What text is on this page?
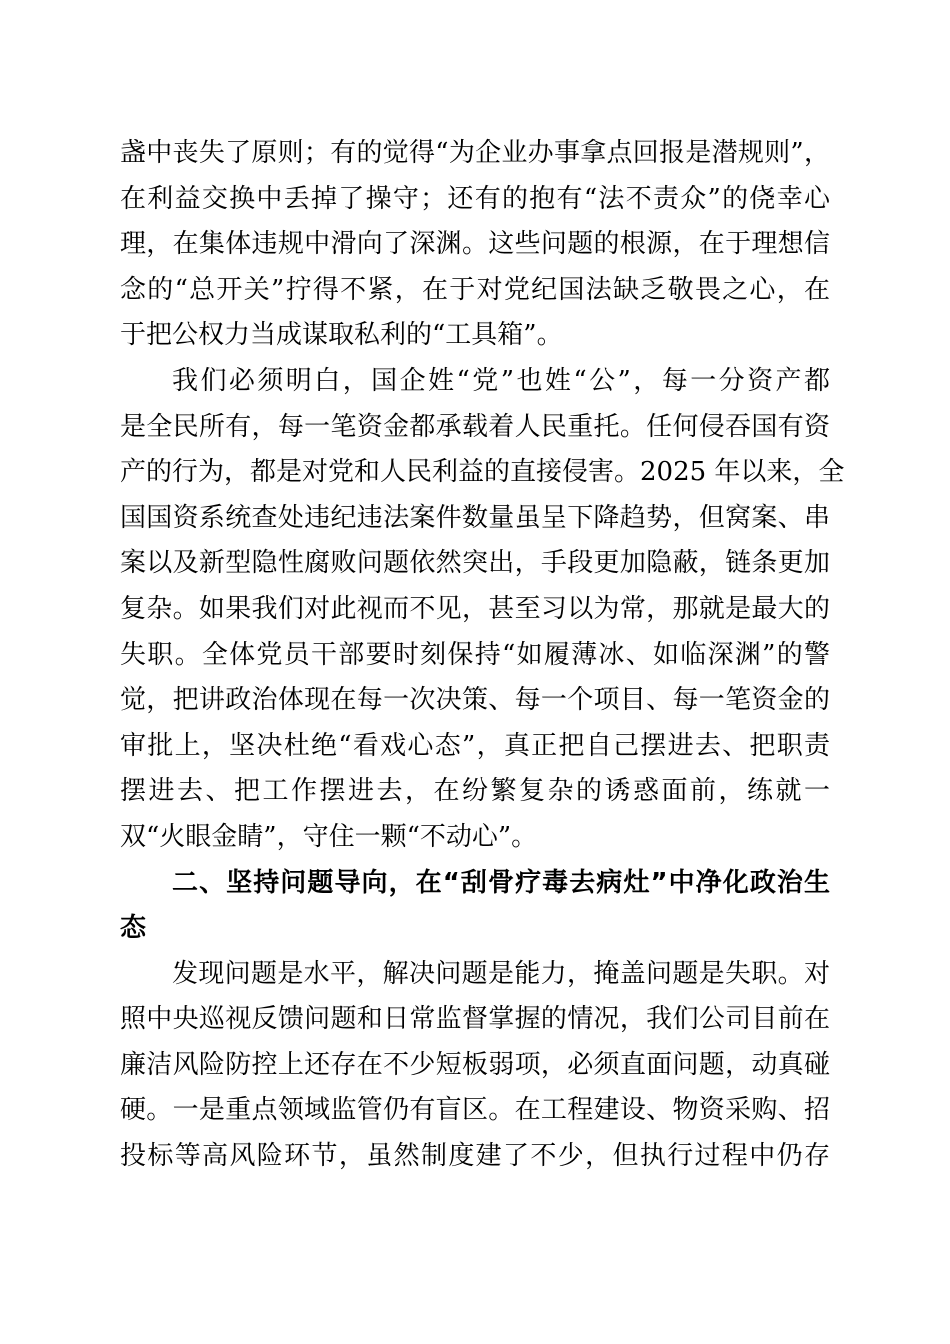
盏中丧失了原则；有的觉得“为企业办事拿点回报是潜规则”，
在利益交换中丢掉了操守；还有的抱有“法不责众”的侥幸心
理，在集体违规中滑向了深渊。这些问题的根源，在于理想信
念的“总开关”拧得不紧，在于对党纪国法缺乏敬畏之心，在
于把公权力当成谋取私利的“工具箱”。
我们必须明白，国企姓“党”也姓“公”，每一分资产都
是全民所有，每一笔资金都承载着人民重托。任何侵吞国有资
产的行为，都是对党和人民利益的直接侵害。2025 年以来，全
国国资系统查处违纪违法案件数量虽呈下降趋势，但窝案、串
案以及新型隐性腐败问题依然突出，手段更加隐蔽，链条更加
复杂。如果我们对此视而不见，甚至习以为常，那就是最大的
失职。全体党员干部要时刻保持“如履薄冰、如临深渊”的警
觉，把讲政治体现在每一次决策、每一个项目、每一笔资金的
审批上，坚决杜绝“看戏心态”，真正把自己摆进去、把职责
摆进去、把工作摆进去，在纷繁复杂的诱惑面前，练就一
双“火眼金睛”，守住一颗“不动心”。
二、坚持问题导向，在“刮骨疗毒去病灶”中净化政治生
态
发现问题是水平，解决问题是能力，掩盖问题是失职。对
照中央巡视反馈问题和日常监督掌握的情况，我们公司目前在
廉洁风险防控上还存在不少短板弱项，必须直面问题，动真碰
硬。一是重点领域监管仍有盲区。在工程建设、物资采购、招
投标等高风险环节，虽然制度建了不少，但执行过程中仍存
